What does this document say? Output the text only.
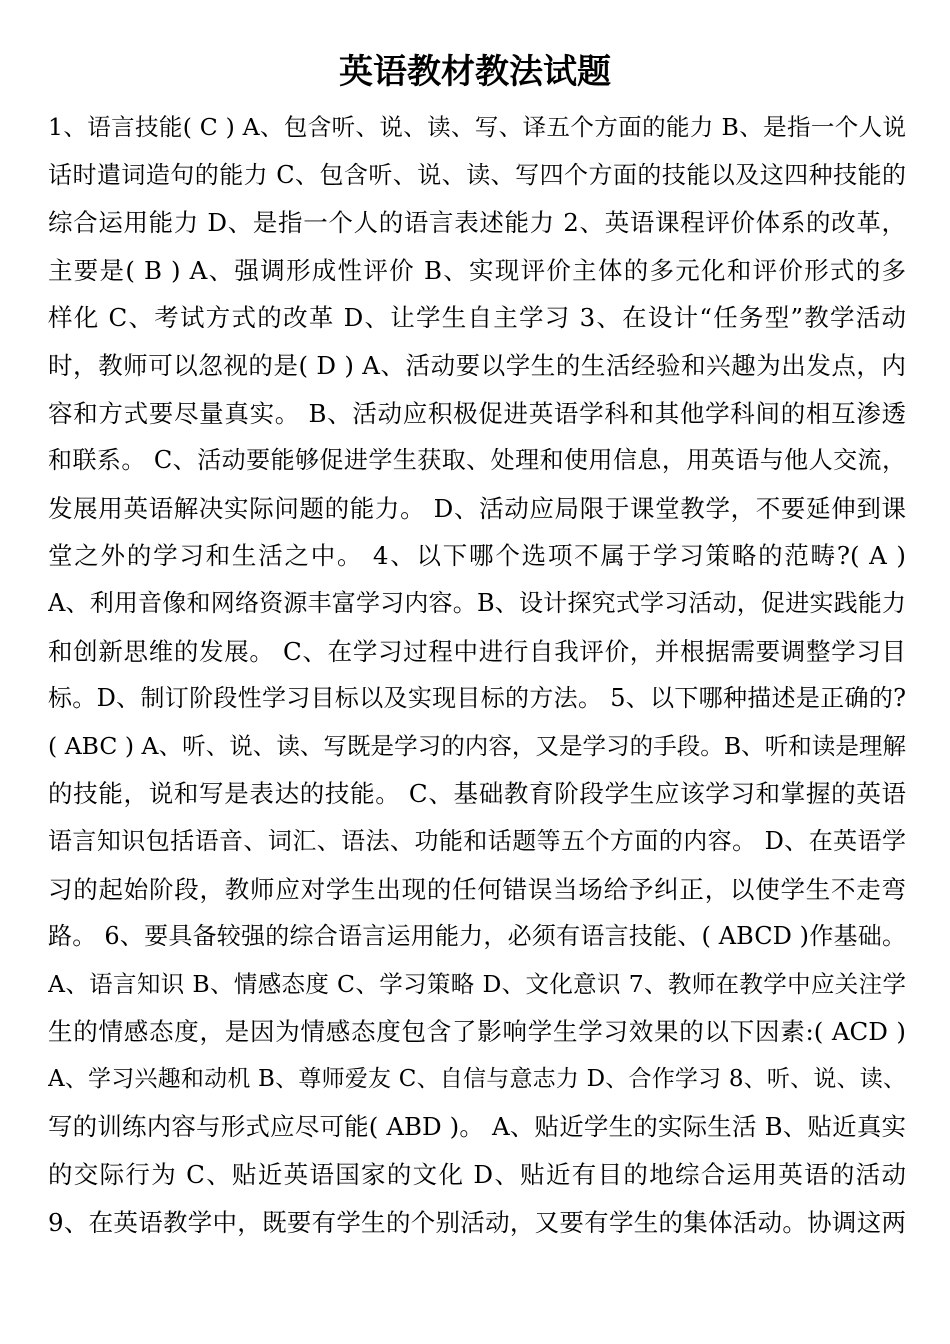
英语教材教法试题
1、语言技能( C ) A、包含听、说、读、写、译五个方面的能力 B、是指一个人说
话时遣词造句的能力 C、包含听、说、读、写四个方面的技能以及这四种技能的
综合运用能力 D、是指一个人的语言表述能力 2、英语课程评价体系的改革，
主要是( B ) A、强调形成性评价 B、实现评价主体的多元化和评价形式的多
样化 C、考试方式的改革 D、让学生自主学习 3、在设计“任务型”教学活动
时，教师可以忽视的是( D ) A、活动要以学生的生活经验和兴趣为出发点，内
容和方式要尽量真实。 B、活动应积极促进英语学科和其他学科间的相互渗透
和联系。 C、活动要能够促进学生获取、处理和使用信息，用英语与他人交流，
发展用英语解决实际问题的能力。 D、活动应局限于课堂教学，不要延伸到课
堂之外的学习和生活之中。 4、以下哪个选项不属于学习策略的范畴?( A )
A、利用音像和网络资源丰富学习内容。B、设计探究式学习活动，促进实践能力
和创新思维的发展。 C、在学习过程中进行自我评价，并根据需要调整学习目
标。D、制订阶段性学习目标以及实现目标的方法。 5、以下哪种描述是正确的?
( ABC ) A、听、说、读、写既是学习的内容，又是学习的手段。B、听和读是理解
的技能，说和写是表达的技能。 C、基础教育阶段学生应该学习和掌握的英语
语言知识包括语音、词汇、语法、功能和话题等五个方面的内容。 D、在英语学
习的起始阶段，教师应对学生出现的任何错误当场给予纠正，以使学生不走弯
路。 6、要具备较强的综合语言运用能力，必须有语言技能、( ABCD )作基础。
A、语言知识 B、情感态度 C、学习策略 D、文化意识 7、教师在教学中应关注学
生的情感态度，是因为情感态度包含了影响学生学习效果的以下因素:( ACD )
A、学习兴趣和动机 B、尊师爱友 C、自信与意志力 D、合作学习 8、听、说、读、
写的训练内容与形式应尽可能( ABD )。 A、贴近学生的实际生活 B、贴近真实
的交际行为 C、贴近英语国家的文化 D、贴近有目的地综合运用英语的活动
9、在英语教学中，既要有学生的个别活动，又要有学生的集体活动。协调这两
